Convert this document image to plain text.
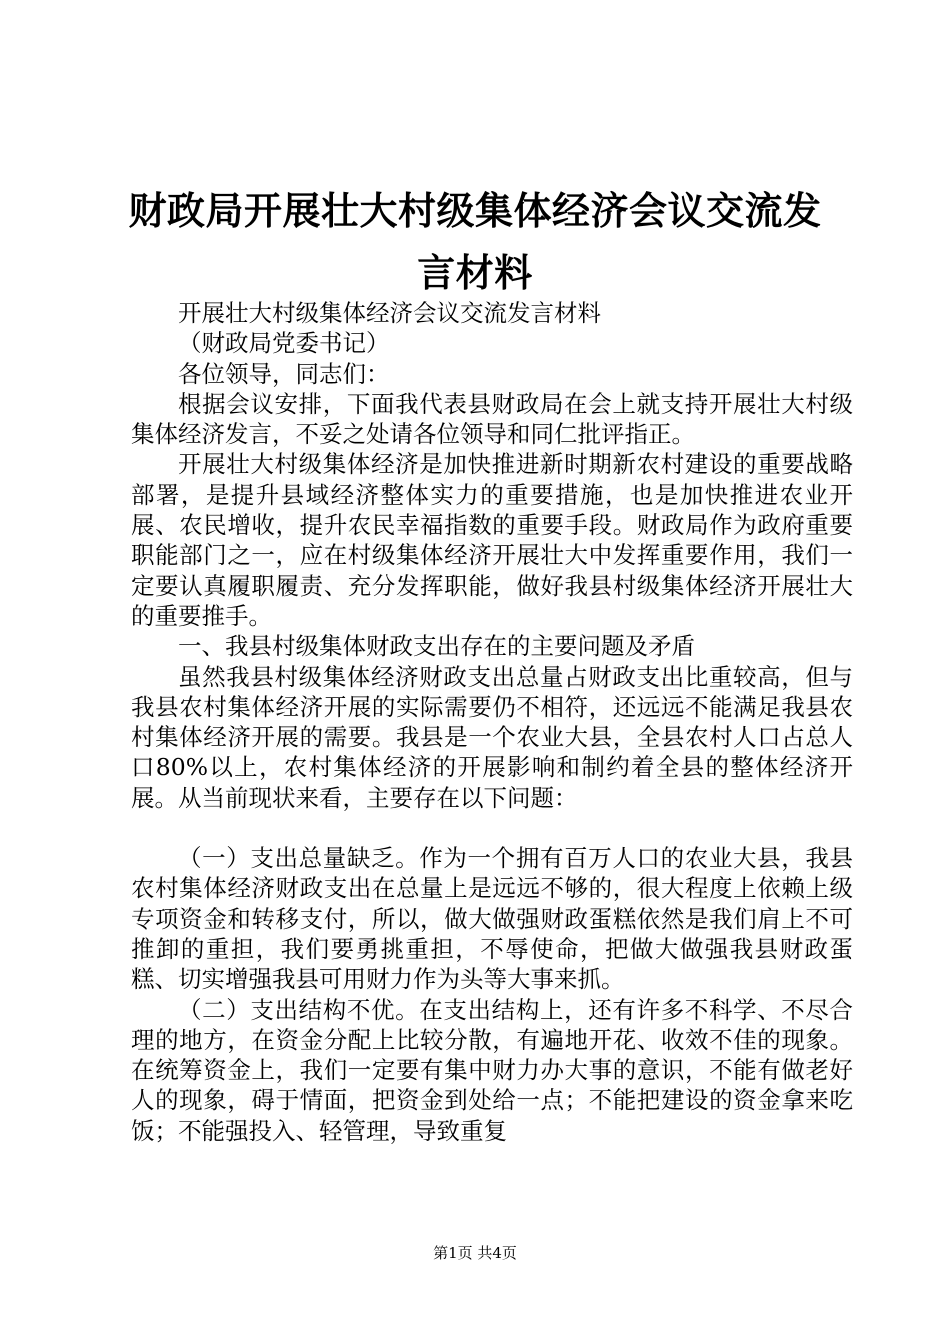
财政局开展壮大村级集体经济会议交流发言材料

开展壮大村级集体经济会议交流发言材料

（财政局党委书记）

各位领导，同志们：

根据会议安排，下面我代表县财政局在会上就支持开展壮大村级集体经济发言，不妥之处请各位领导和同仁批评指正。

开展壮大村级集体经济是加快推进新时期新农村建设的重要战略部署，是提升县域经济整体实力的重要措施，也是加快推进农业开展、农民增收，提升农民幸福指数的重要手段。财政局作为政府重要职能部门之一，应在村级集体经济开展壮大中发挥重要作用，我们一定要认真履职履责、充分发挥职能，做好我县村级集体经济开展壮大的重要推手。

一、我县村级集体财政支出存在的主要问题及矛盾

虽然我县村级集体经济财政支出总量占财政支出比重较高，但与我县农村集体经济开展的实际需要仍不相符，还远远不能满足我县农村集体经济开展的需要。我县是一个农业大县，全县农村人口占总人口80%以上，农村集体经济的开展影响和制约着全县的整体经济开展。从当前现状来看，主要存在以下问题：

（一）支出总量缺乏。作为一个拥有百万人口的农业大县，我县农村集体经济财政支出在总量上是远远不够的，很大程度上依赖上级专项资金和转移支付，所以，做大做强财政蛋糕依然是我们肩上不可推卸的重担，我们要勇挑重担，不辱使命，把做大做强我县财政蛋糕、切实增强我县可用财力作为头等大事来抓。

（二）支出结构不优。在支出结构上，还有许多不科学、不尽合理的地方，在资金分配上比较分散，有遍地开花、收效不佳的现象。在统筹资金上，我们一定要有集中财力办大事的意识，不能有做老好人的现象，碍于情面，把资金到处给一点；不能把建设的资金拿来吃饭；不能强投入、轻管理，导致重复

第1页 共4页
